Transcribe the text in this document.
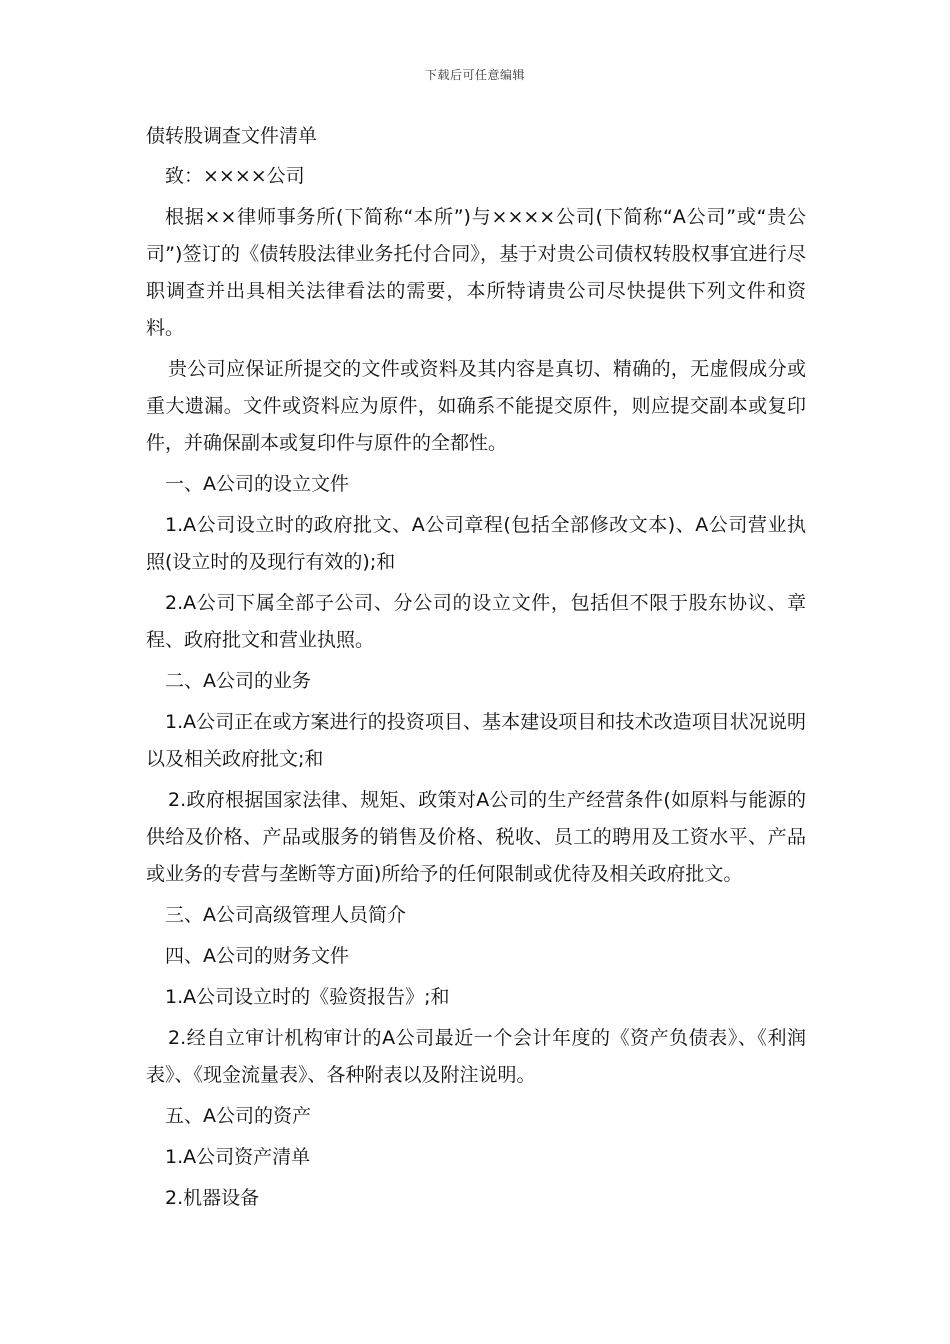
下载后可任意编辑
债转股调查文件清单

致：××××公司

根据××律师事务所(下简称“本所”)与××××公司(下简称“A公司”或“贵公司”)签订的《债转股法律业务托付合同》，基于对贵公司债权转股权事宜进行尽职调查并出具相关法律看法的需要，本所特请贵公司尽快提供下列文件和资料。

贵公司应保证所提交的文件或资料及其内容是真切、精确的，无虚假成分或重大遗漏。文件或资料应为原件，如确系不能提交原件，则应提交副本或复印件，并确保副本或复印件与原件的全都性。

一、A公司的设立文件

1.A公司设立时的政府批文、A公司章程(包括全部修改文本)、A公司营业执照(设立时的及现行有效的);和

2.A公司下属全部子公司、分公司的设立文件，包括但不限于股东协议、章程、政府批文和营业执照。

二、A公司的业务

1.A公司正在或方案进行的投资项目、基本建设项目和技术改造项目状况说明以及相关政府批文;和

2.政府根据国家法律、规矩、政策对A公司的生产经营条件(如原料与能源的供给及价格、产品或服务的销售及价格、税收、员工的聘用及工资水平、产品或业务的专营与垄断等方面)所给予的任何限制或优待及相关政府批文。

三、A公司高级管理人员简介

四、A公司的财务文件

1.A公司设立时的《验资报告》;和

2.经自立审计机构审计的A公司最近一个会计年度的《资产负债表》、《利润表》、《现金流量表》、各种附表以及附注说明。

五、A公司的资产

1.A公司资产清单

2.机器设备
